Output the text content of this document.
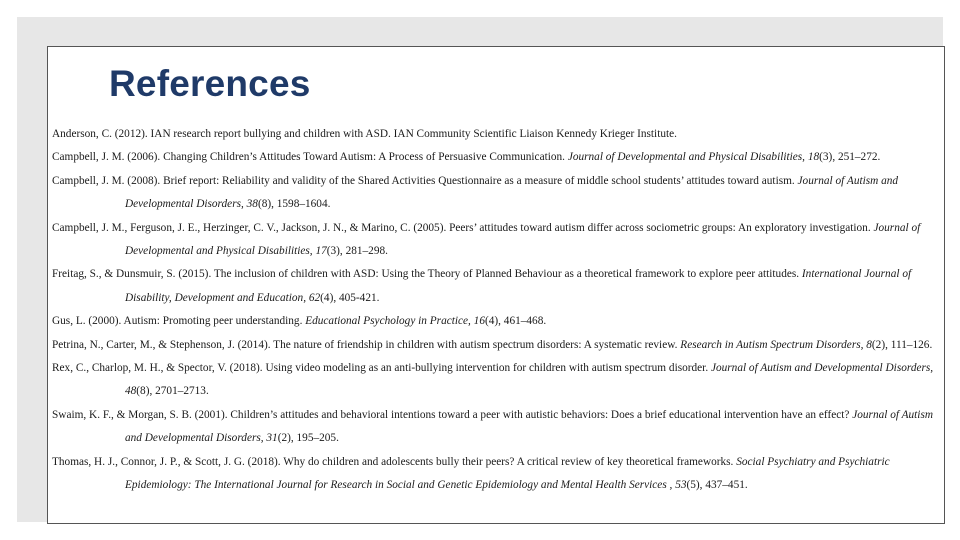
References
Anderson, C. (2012). IAN research report bullying and children with ASD. IAN Community Scientific Liaison Kennedy Krieger Institute.
Campbell, J. M. (2006). Changing Children’s Attitudes Toward Autism: A Process of Persuasive Communication. Journal of Developmental and Physical Disabilities, 18(3), 251–272.
Campbell, J. M. (2008). Brief report: Reliability and validity of the Shared Activities Questionnaire as a measure of middle school students’ attitudes toward autism. Journal of Autism and Developmental Disorders, 38(8), 1598–1604.
Campbell, J. M., Ferguson, J. E., Herzinger, C. V., Jackson, J. N., & Marino, C. (2005). Peers’ attitudes toward autism differ across sociometric groups: An exploratory investigation. Journal of Developmental and Physical Disabilities, 17(3), 281–298.
Freitag, S., & Dunsmuir, S. (2015). The inclusion of children with ASD: Using the Theory of Planned Behaviour as a theoretical framework to explore peer attitudes. International Journal of Disability, Development and Education, 62(4), 405-421.
Gus, L. (2000). Autism: Promoting peer understanding. Educational Psychology in Practice, 16(4), 461–468.
Petrina, N., Carter, M., & Stephenson, J. (2014). The nature of friendship in children with autism spectrum disorders: A systematic review. Research in Autism Spectrum Disorders, 8(2), 111–126.
Rex, C., Charlop, M. H., & Spector, V. (2018). Using video modeling as an anti-bullying intervention for children with autism spectrum disorder. Journal of Autism and Developmental Disorders, 48(8), 2701–2713.
Swaim, K. F., & Morgan, S. B. (2001). Children’s attitudes and behavioral intentions toward a peer with autistic behaviors: Does a brief educational intervention have an effect? Journal of Autism and Developmental Disorders, 31(2), 195–205.
Thomas, H. J., Connor, J. P., & Scott, J. G. (2018). Why do children and adolescents bully their peers? A critical review of key theoretical frameworks. Social Psychiatry and Psychiatric Epidemiology: The International Journal for Research in Social and Genetic Epidemiology and Mental Health Services , 53(5), 437–451.
